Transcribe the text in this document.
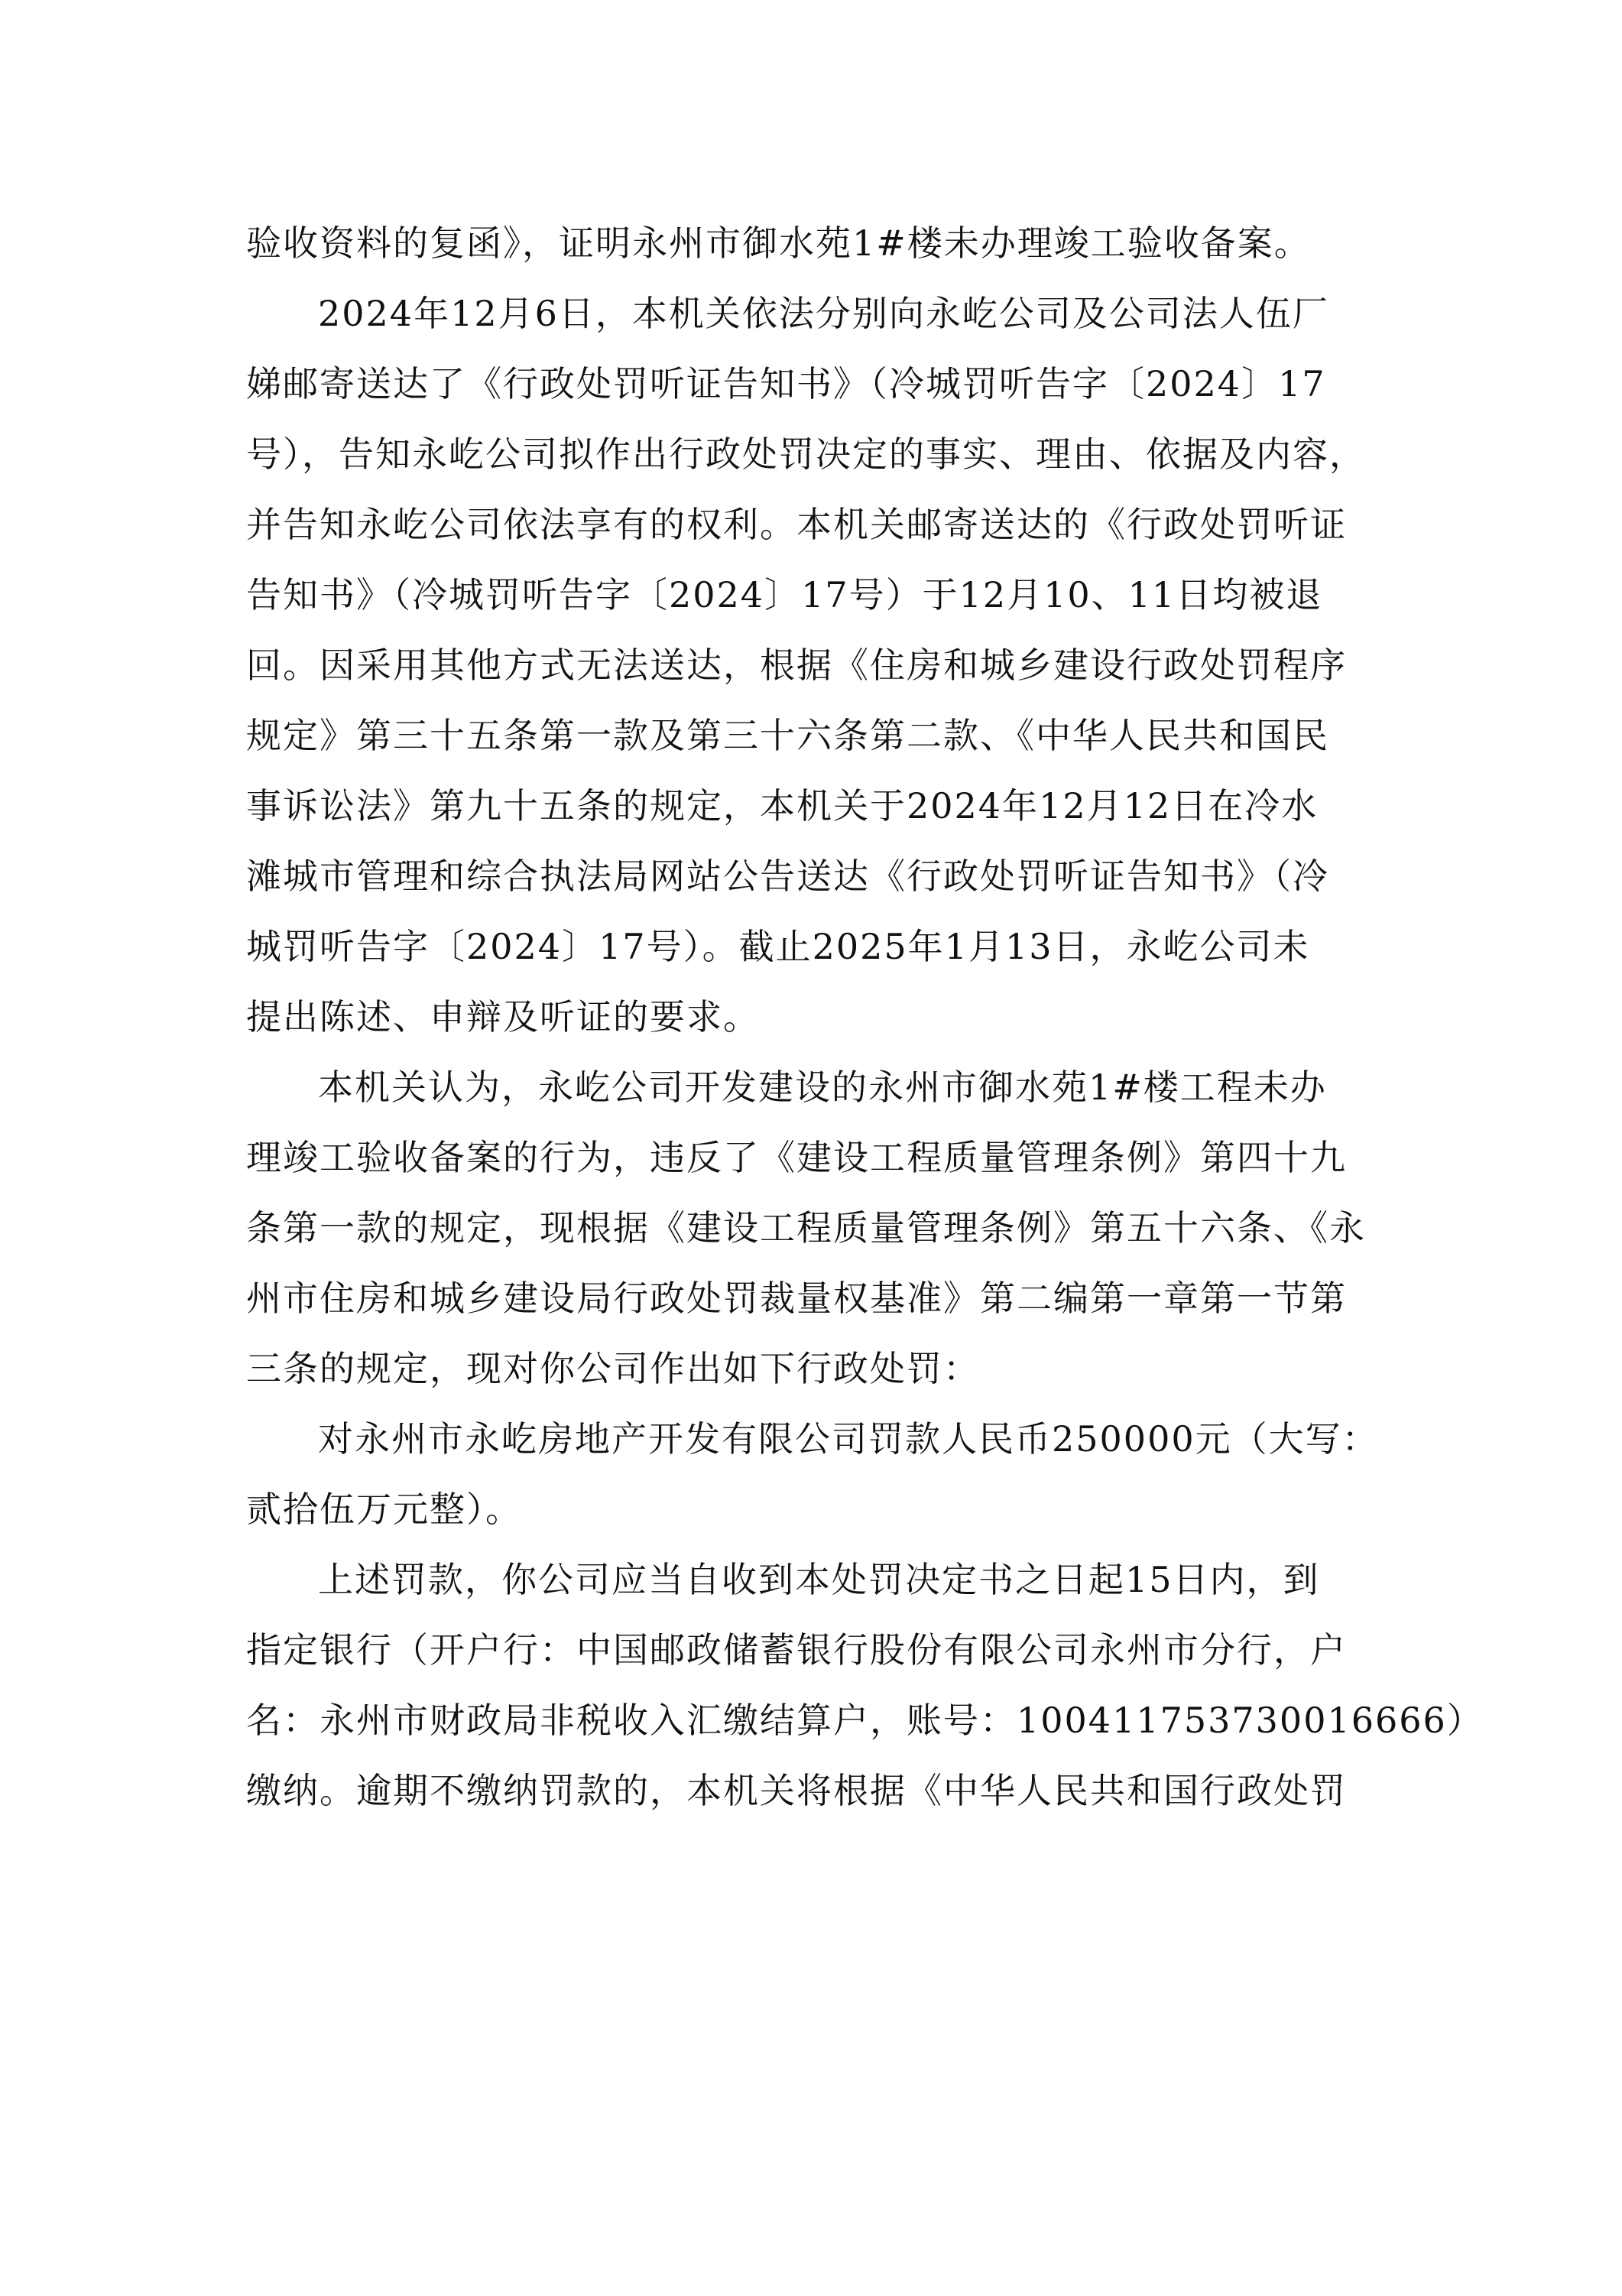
验收资料的复函》，证明永州市御水苑1#楼未办理竣工验收备案。
2024年12月6日，本机关依法分别向永屹公司及公司法人伍厂
娣邮寄送达了《行政处罚听证告知书》（冷城罚听告字〔2024〕17
号），告知永屹公司拟作出行政处罚决定的事实、理由、依据及内容，
并告知永屹公司依法享有的权利。本机关邮寄送达的《行政处罚听证
告知书》（冷城罚听告字〔2024〕17号）于12月10、11日均被退
回。因采用其他方式无法送达，根据《住房和城乡建设行政处罚程序
规定》第三十五条第一款及第三十六条第二款、《中华人民共和国民
事诉讼法》第九十五条的规定，本机关于2024年12月12日在冷水
滩城市管理和综合执法局网站公告送达《行政处罚听证告知书》（冷
城罚听告字〔2024〕17号）。截止2025年1月13日，永屹公司未
提出陈述、申辩及听证的要求。
本机关认为，永屹公司开发建设的永州市御水苑1#楼工程未办
理竣工验收备案的行为，违反了《建设工程质量管理条例》第四十九
条第一款的规定，现根据《建设工程质量管理条例》第五十六条、《永
州市住房和城乡建设局行政处罚裁量权基准》第二编第一章第一节第
三条的规定，现对你公司作出如下行政处罚：
对永州市永屹房地产开发有限公司罚款人民币250000元（大写：
贰拾伍万元整）。
上述罚款，你公司应当自收到本处罚决定书之日起15日内，到
指定银行（开户行：中国邮政储蓄银行股份有限公司永州市分行，户
名：永州市财政局非税收入汇缴结算户，账号：100411753730016666）
缴纳。逾期不缴纳罚款的，本机关将根据《中华人民共和国行政处罚
